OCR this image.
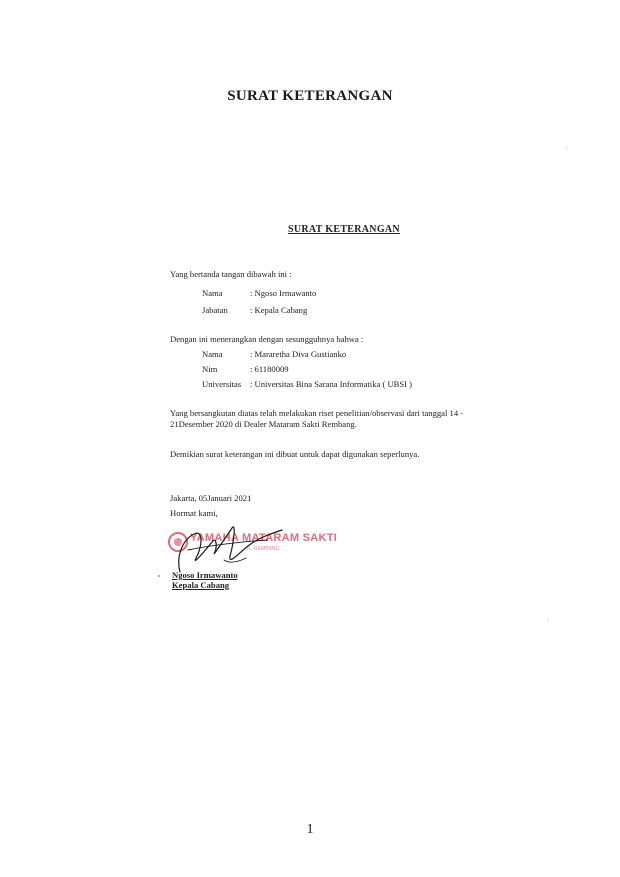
SURAT KETERANGAN
SURAT KETERANGAN
Yang bertanda tangan dibawah ini :
Nama	: Ngoso Irmawanto
Jabatan	: Kepala Cabang
Dengan ini menerangkan dengan sesungguhnya bahwa :
Nama	: Mararetha Diva Gustianko
Nim	: 61180009
Universitas : Universitas Bina Sarana Informatika ( UBSI )
Yang bersangkutan diatas telah melakukan riset penelitian/observasi dari tanggal 14 -
21Desember 2020 di Dealer Mataram Sakti Rembang.
Demikian surat keterangan ini dibuat untuk dapat digunakan seperlunya.
Jakarta, 05Januari 2021
Hormat kami,
YAMAHA MATARAM SAKTI
JL. REMBANG
Ngoso Irmawanto
Kepala Cabang
1
